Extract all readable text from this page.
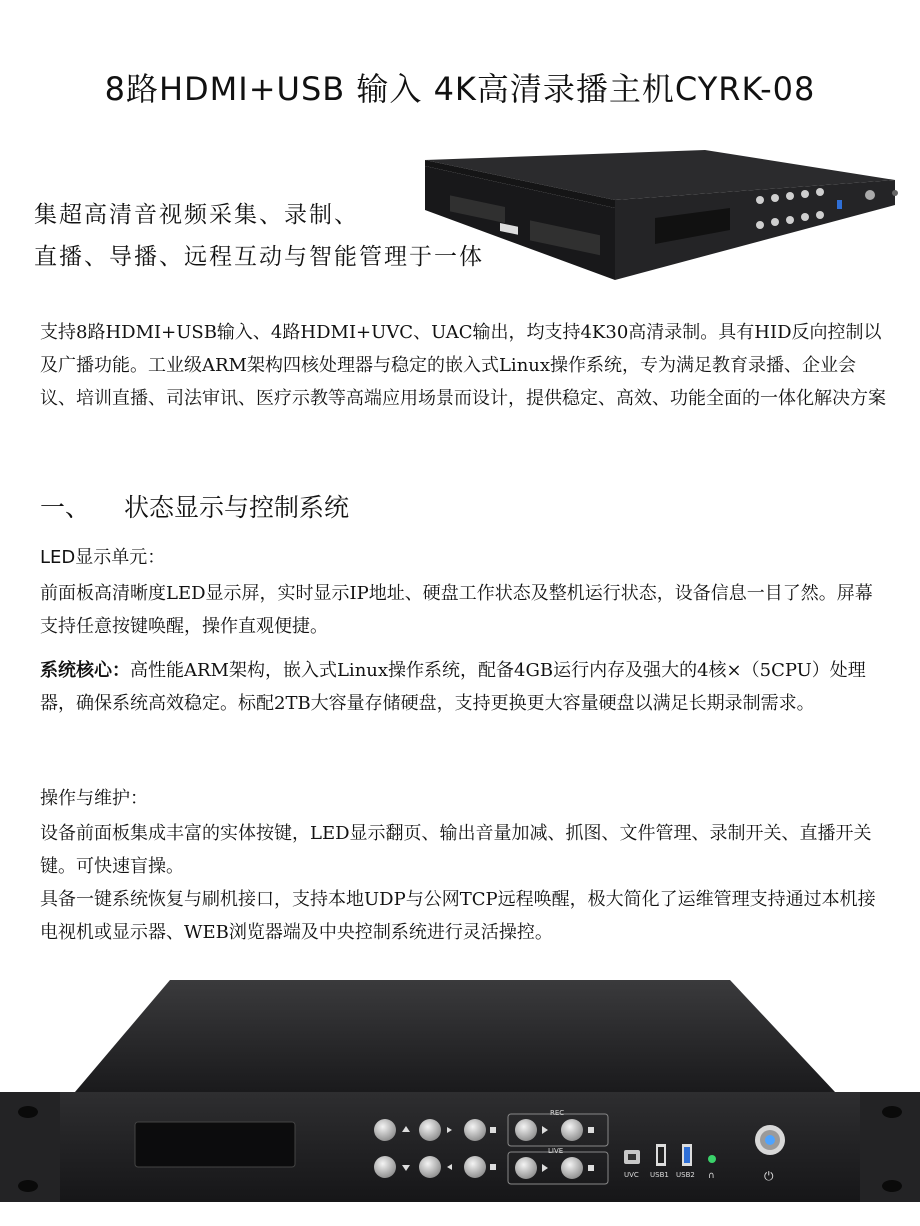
8路HDMI+USB 输入 4K高清录播主机CYRK-08
集超高清音视频采集、录制、
直播、导播、远程互动与智能管理于一体
支持8路HDMI+USB输入、4路HDMI+UVC、UAC输出，均支持4K30高清录制。具有HID反向控制以及广播功能。工业级ARM架构四核处理器与稳定的嵌入式Linux操作系统，专为满足教育录播、企业会议、培训直播、司法审讯、医疗示教等高端应用场景而设计，提供稳定、高效、功能全面的一体化解决方案
一、 状态显示与控制系统
LED显示单元：
前面板高清晰度LED显示屏，实时显示IP地址、硬盘工作状态及整机运行状态，设备信息一目了然。屏幕支持任意按键唤醒，操作直观便捷。
系统核心：高性能ARM架构，嵌入式Linux操作系统，配备4GB运行内存及强大的4核×（5CPU）处理器，确保系统高效稳定。标配2TB大容量存储硬盘，支持更换更大容量硬盘以满足长期录制需求。
操作与维护：
设备前面板集成丰富的实体按键，LED显示翻页、输出音量加减、抓图、文件管理、录制开关、直播开关键。可快速盲操。
具备一键系统恢复与刷机接口，支持本地UDP与公网TCP远程唤醒，极大简化了运维管理支持通过本机接电视机或显示器、WEB浏览器端及中央控制系统进行灵活操控。
REC
LIVE
UVC USB1 USB2 ∩	⏻
